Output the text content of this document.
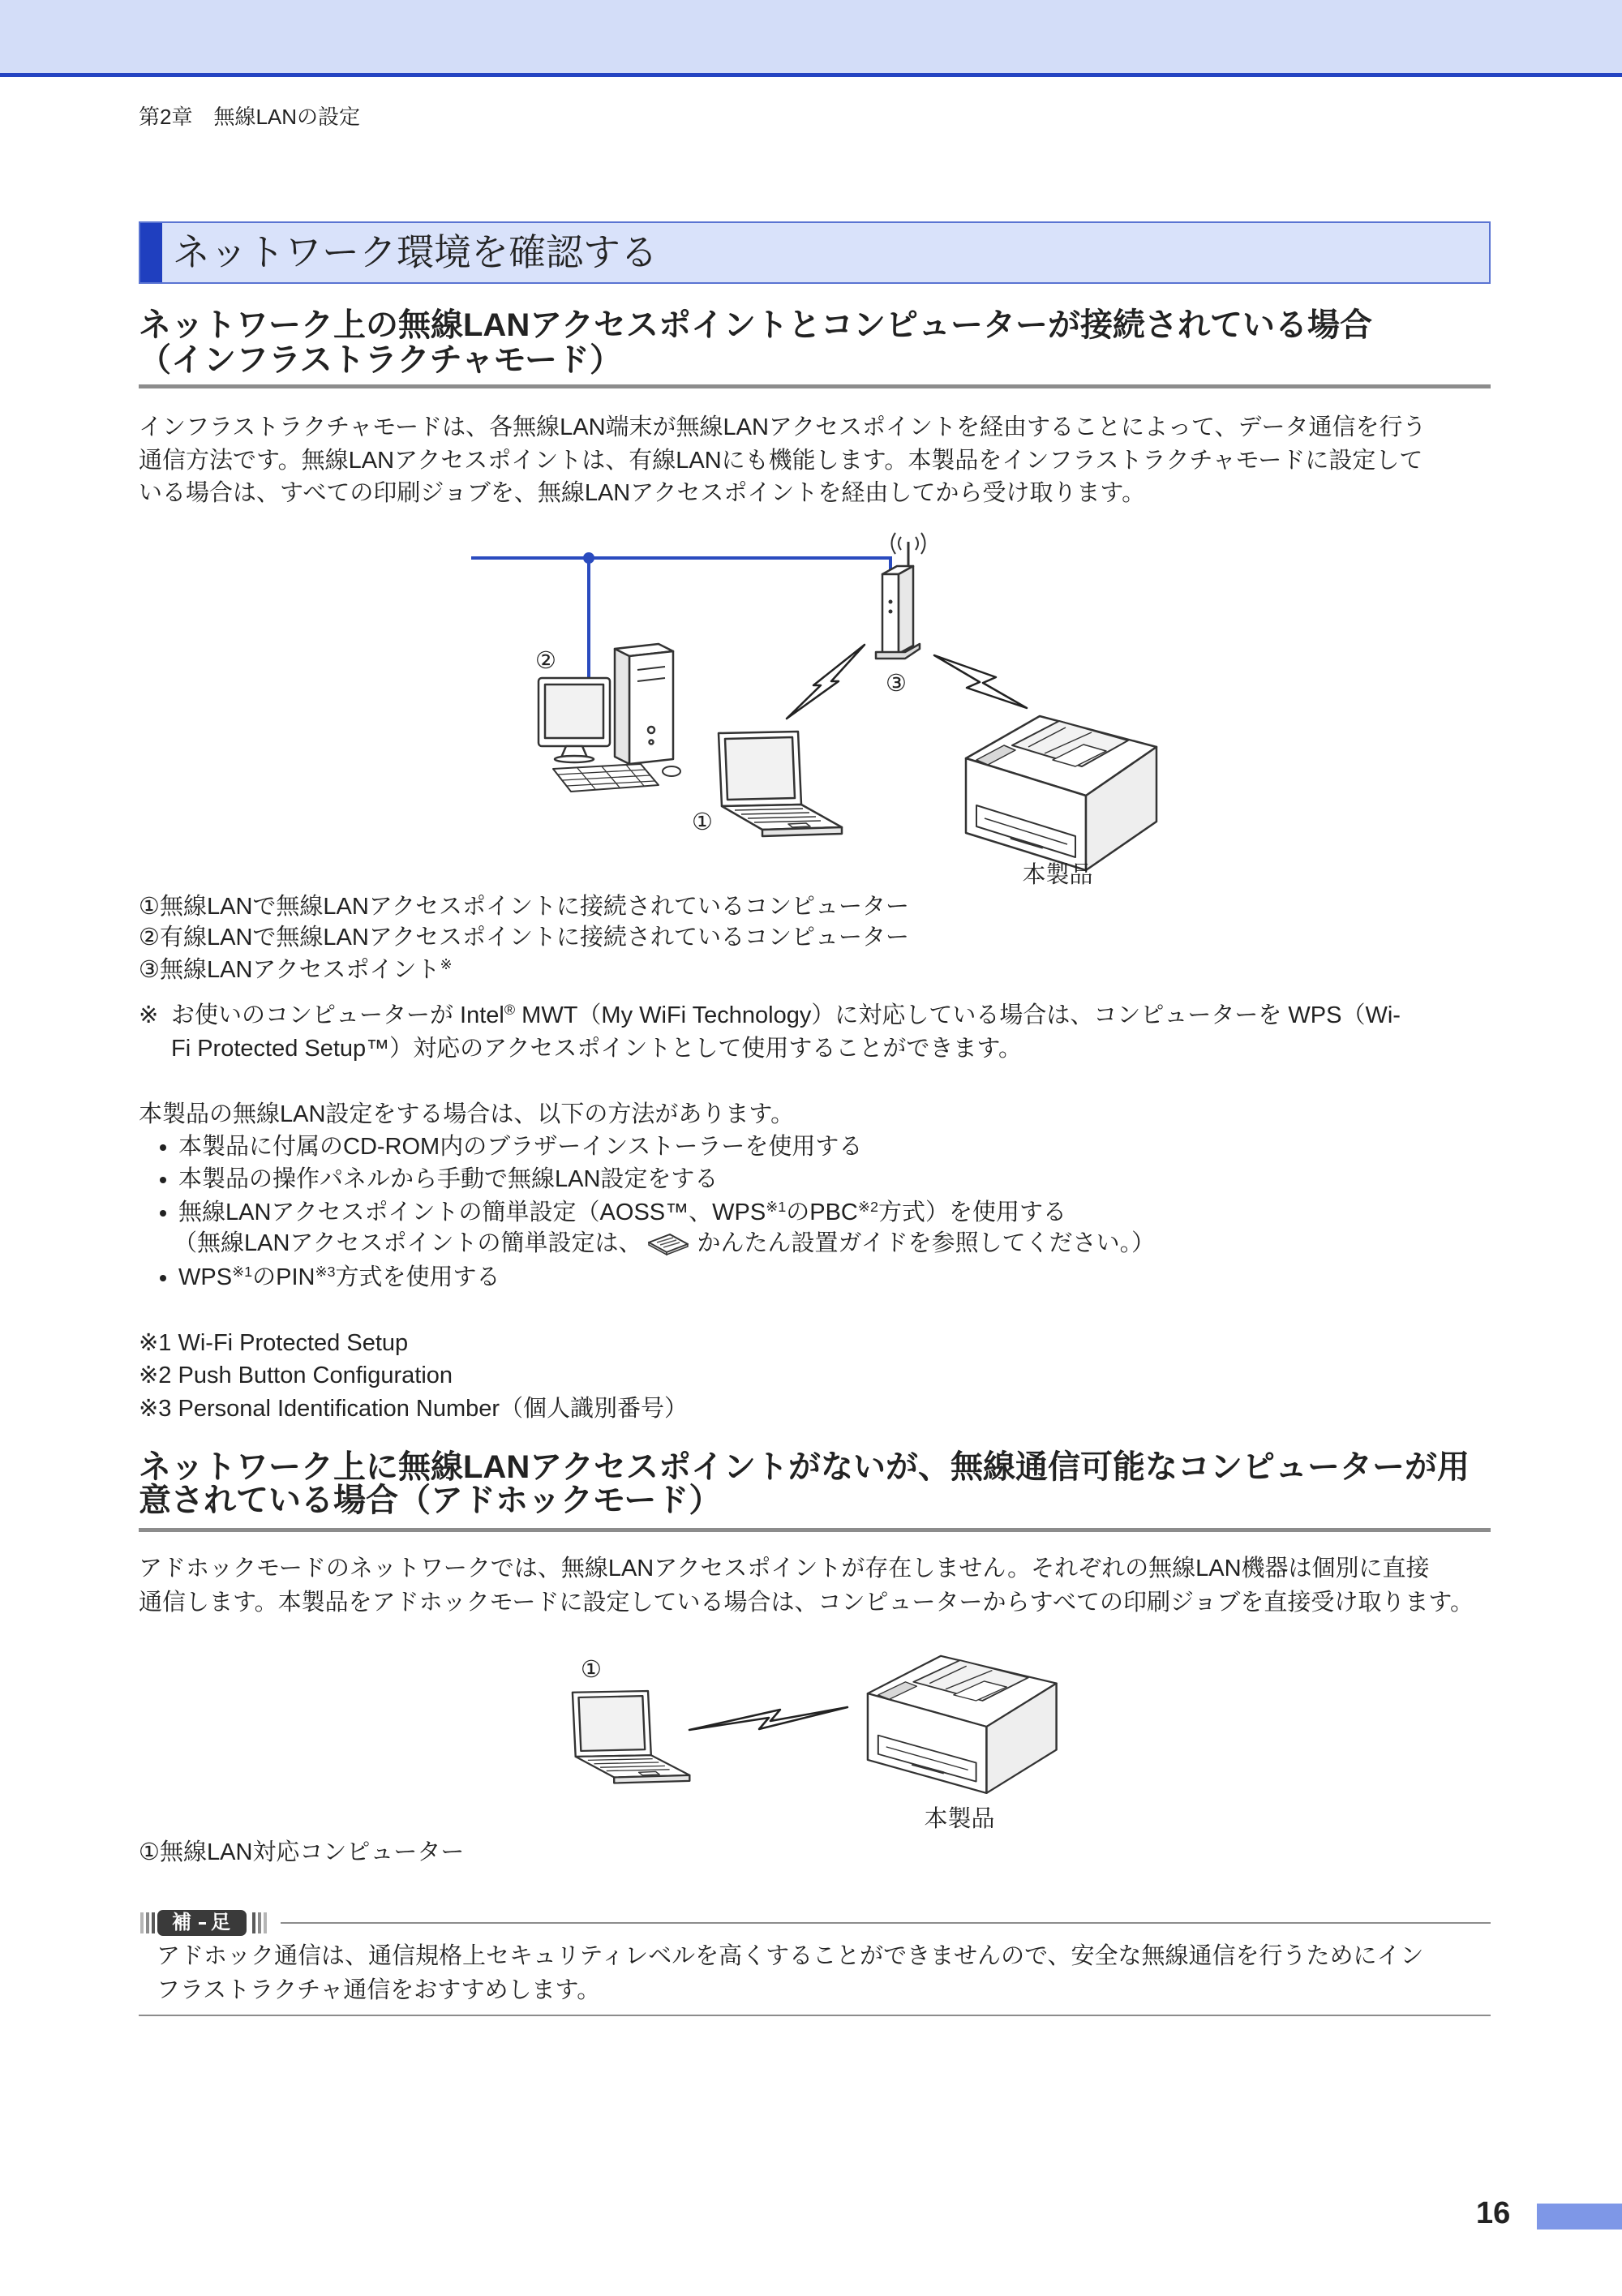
第2章　無線LANの設定
ネットワーク環境を確認する
ネットワーク上の無線LANアクセスポイントとコンピューターが接続されている場合
（インフラストラクチャモード）
インフラストラクチャモードは、各無線LAN端末が無線LANアクセスポイントを経由することによって、データ通信を行う
通信方法です。無線LANアクセスポイントは、有線LANにも機能します。本製品をインフラストラクチャモードに設定して
いる場合は、すべての印刷ジョブを、無線LANアクセスポイントを経由してから受け取ります。
③
②
①
本製品
①無線LANで無線LANアクセスポイントに接続されているコンピューター
②有線LANで無線LANアクセスポイントに接続されているコンピューター
③無線LANアクセスポイント※
※ お使いのコンピューターが Intel® MWT（My WiFi Technology）に対応している場合は、コンピューターを WPS（Wi-
Fi Protected Setup™）対応のアクセスポイントとして使用することができます。
本製品の無線LAN設定をする場合は、以下の方法があります。
本製品に付属のCD-ROM内のブラザーインストーラーを使用する
本製品の操作パネルから手動で無線LAN設定をする
無線LANアクセスポイントの簡単設定（AOSS™、WPS$^{※1}$のPBC$^{※2}$方式）を使用する
（無線LANアクセスポイントの簡単設定は、 かんたん設置ガイドを参照してください。）
WPS$^{※1}$のPIN$^{※3}$方式を使用する
※1 Wi-Fi Protected Setup
※2 Push Button Configuration
※3 Personal Identification Number（個人識別番号）
ネットワーク上に無線LANアクセスポイントがないが、無線通信可能なコンピューターが用
意されている場合（アドホックモード）
アドホックモードのネットワークでは、無線LANアクセスポイントが存在しません。それぞれの無線LAN機器は個別に直接
通信します。本製品をアドホックモードに設定している場合は、コンピューターからすべての印刷ジョブを直接受け取ります。
①
本製品
①無線LAN対応コンピューター
補 足
アドホック通信は、通信規格上セキュリティレベルを高くすることができませんので、安全な無線通信を行うためにイン
フラストラクチャ通信をおすすめします。
16
